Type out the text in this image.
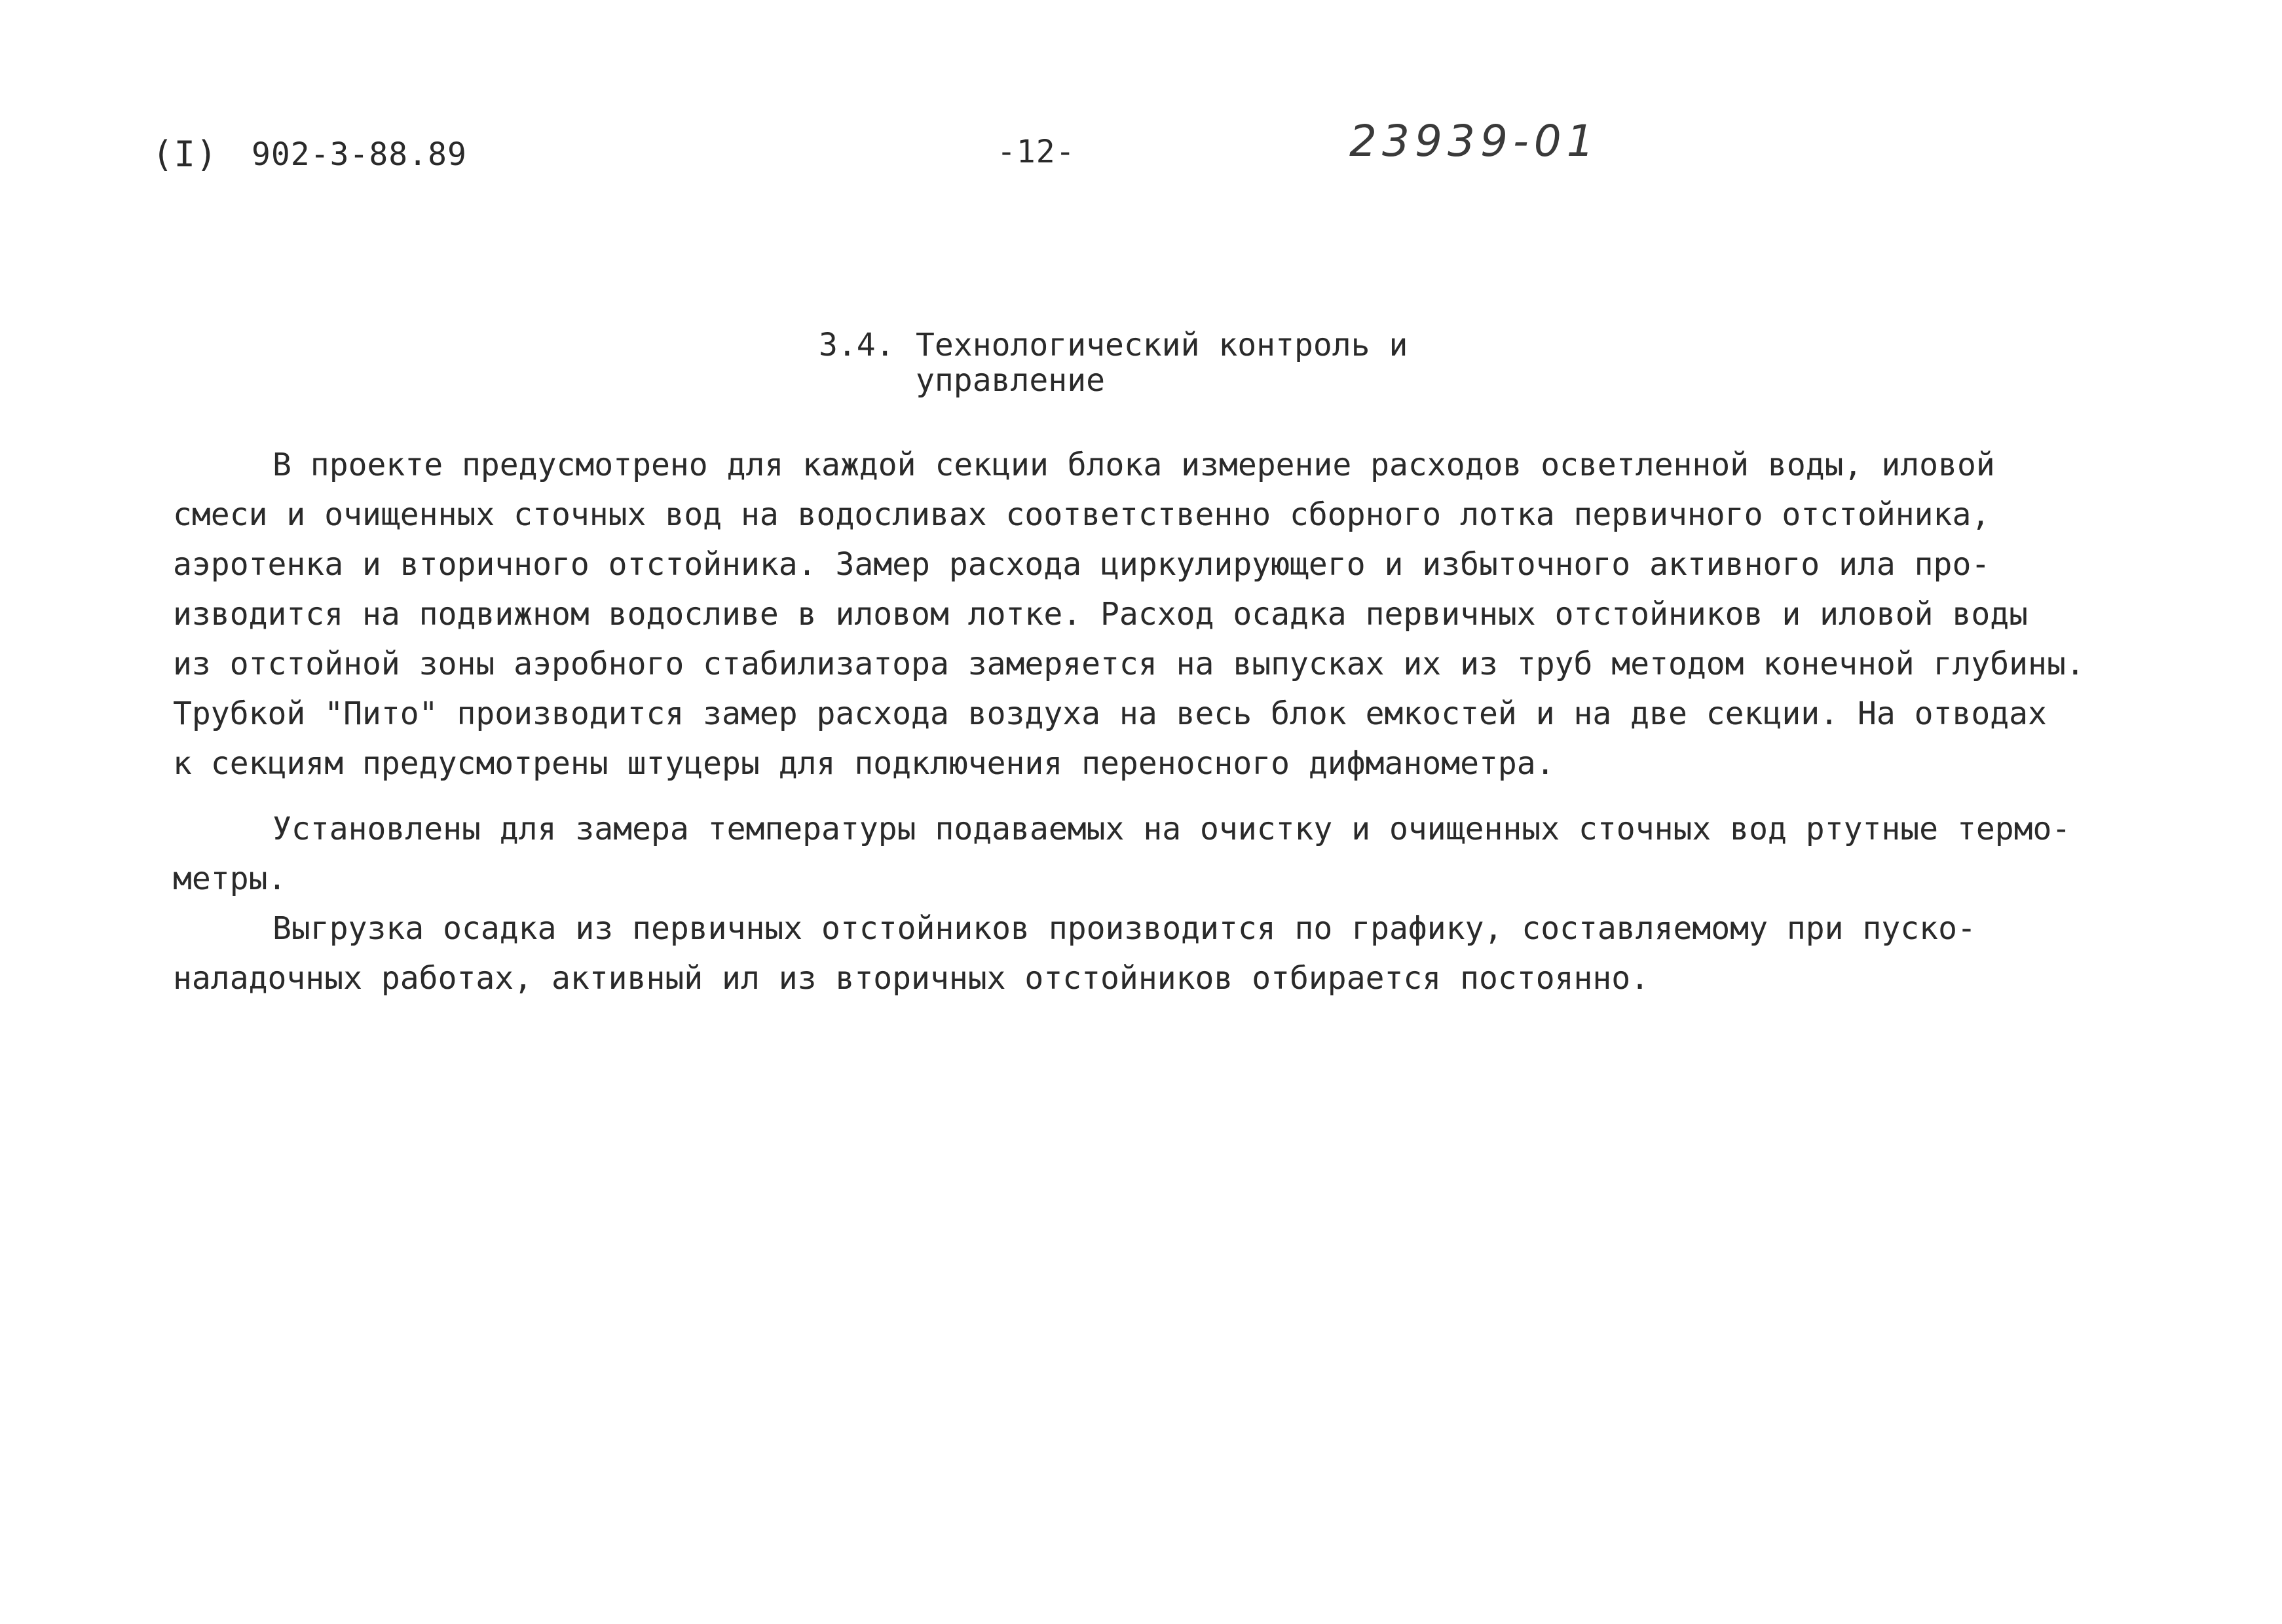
(I) 902-3-88.89	-12-	23939-01
3.4. Технологический контроль и
управление

В проекте предусмотрено для каждой секции блока измерение расходов осветленной воды, иловой

смеси и очищенных сточных вод на водосливах соответственно сборного лотка первичного отстойника,

аэротенка и вторичного отстойника. Замер расхода циркулирующего и избыточного активного ила про-

изводится на подвижном водосливе в иловом лотке. Расход осадка первичных отстойников и иловой воды

из отстойной зоны аэробного стабилизатора замеряется на выпусках их из труб методом конечной глубины.

Трубкой "Пито" производится замер расхода воздуха на весь блок емкостей и на две секции. На отводах

к секциям предусмотрены штуцеры для подключения переносного дифманометра.

Установлены для замера температуры подаваемых на очистку и очищенных сточных вод ртутные термо-

метры.

Выгрузка осадка из первичных отстойников производится по графику, составляемому при пуско-

наладочных работах, активный ил из вторичных отстойников отбирается постоянно.
